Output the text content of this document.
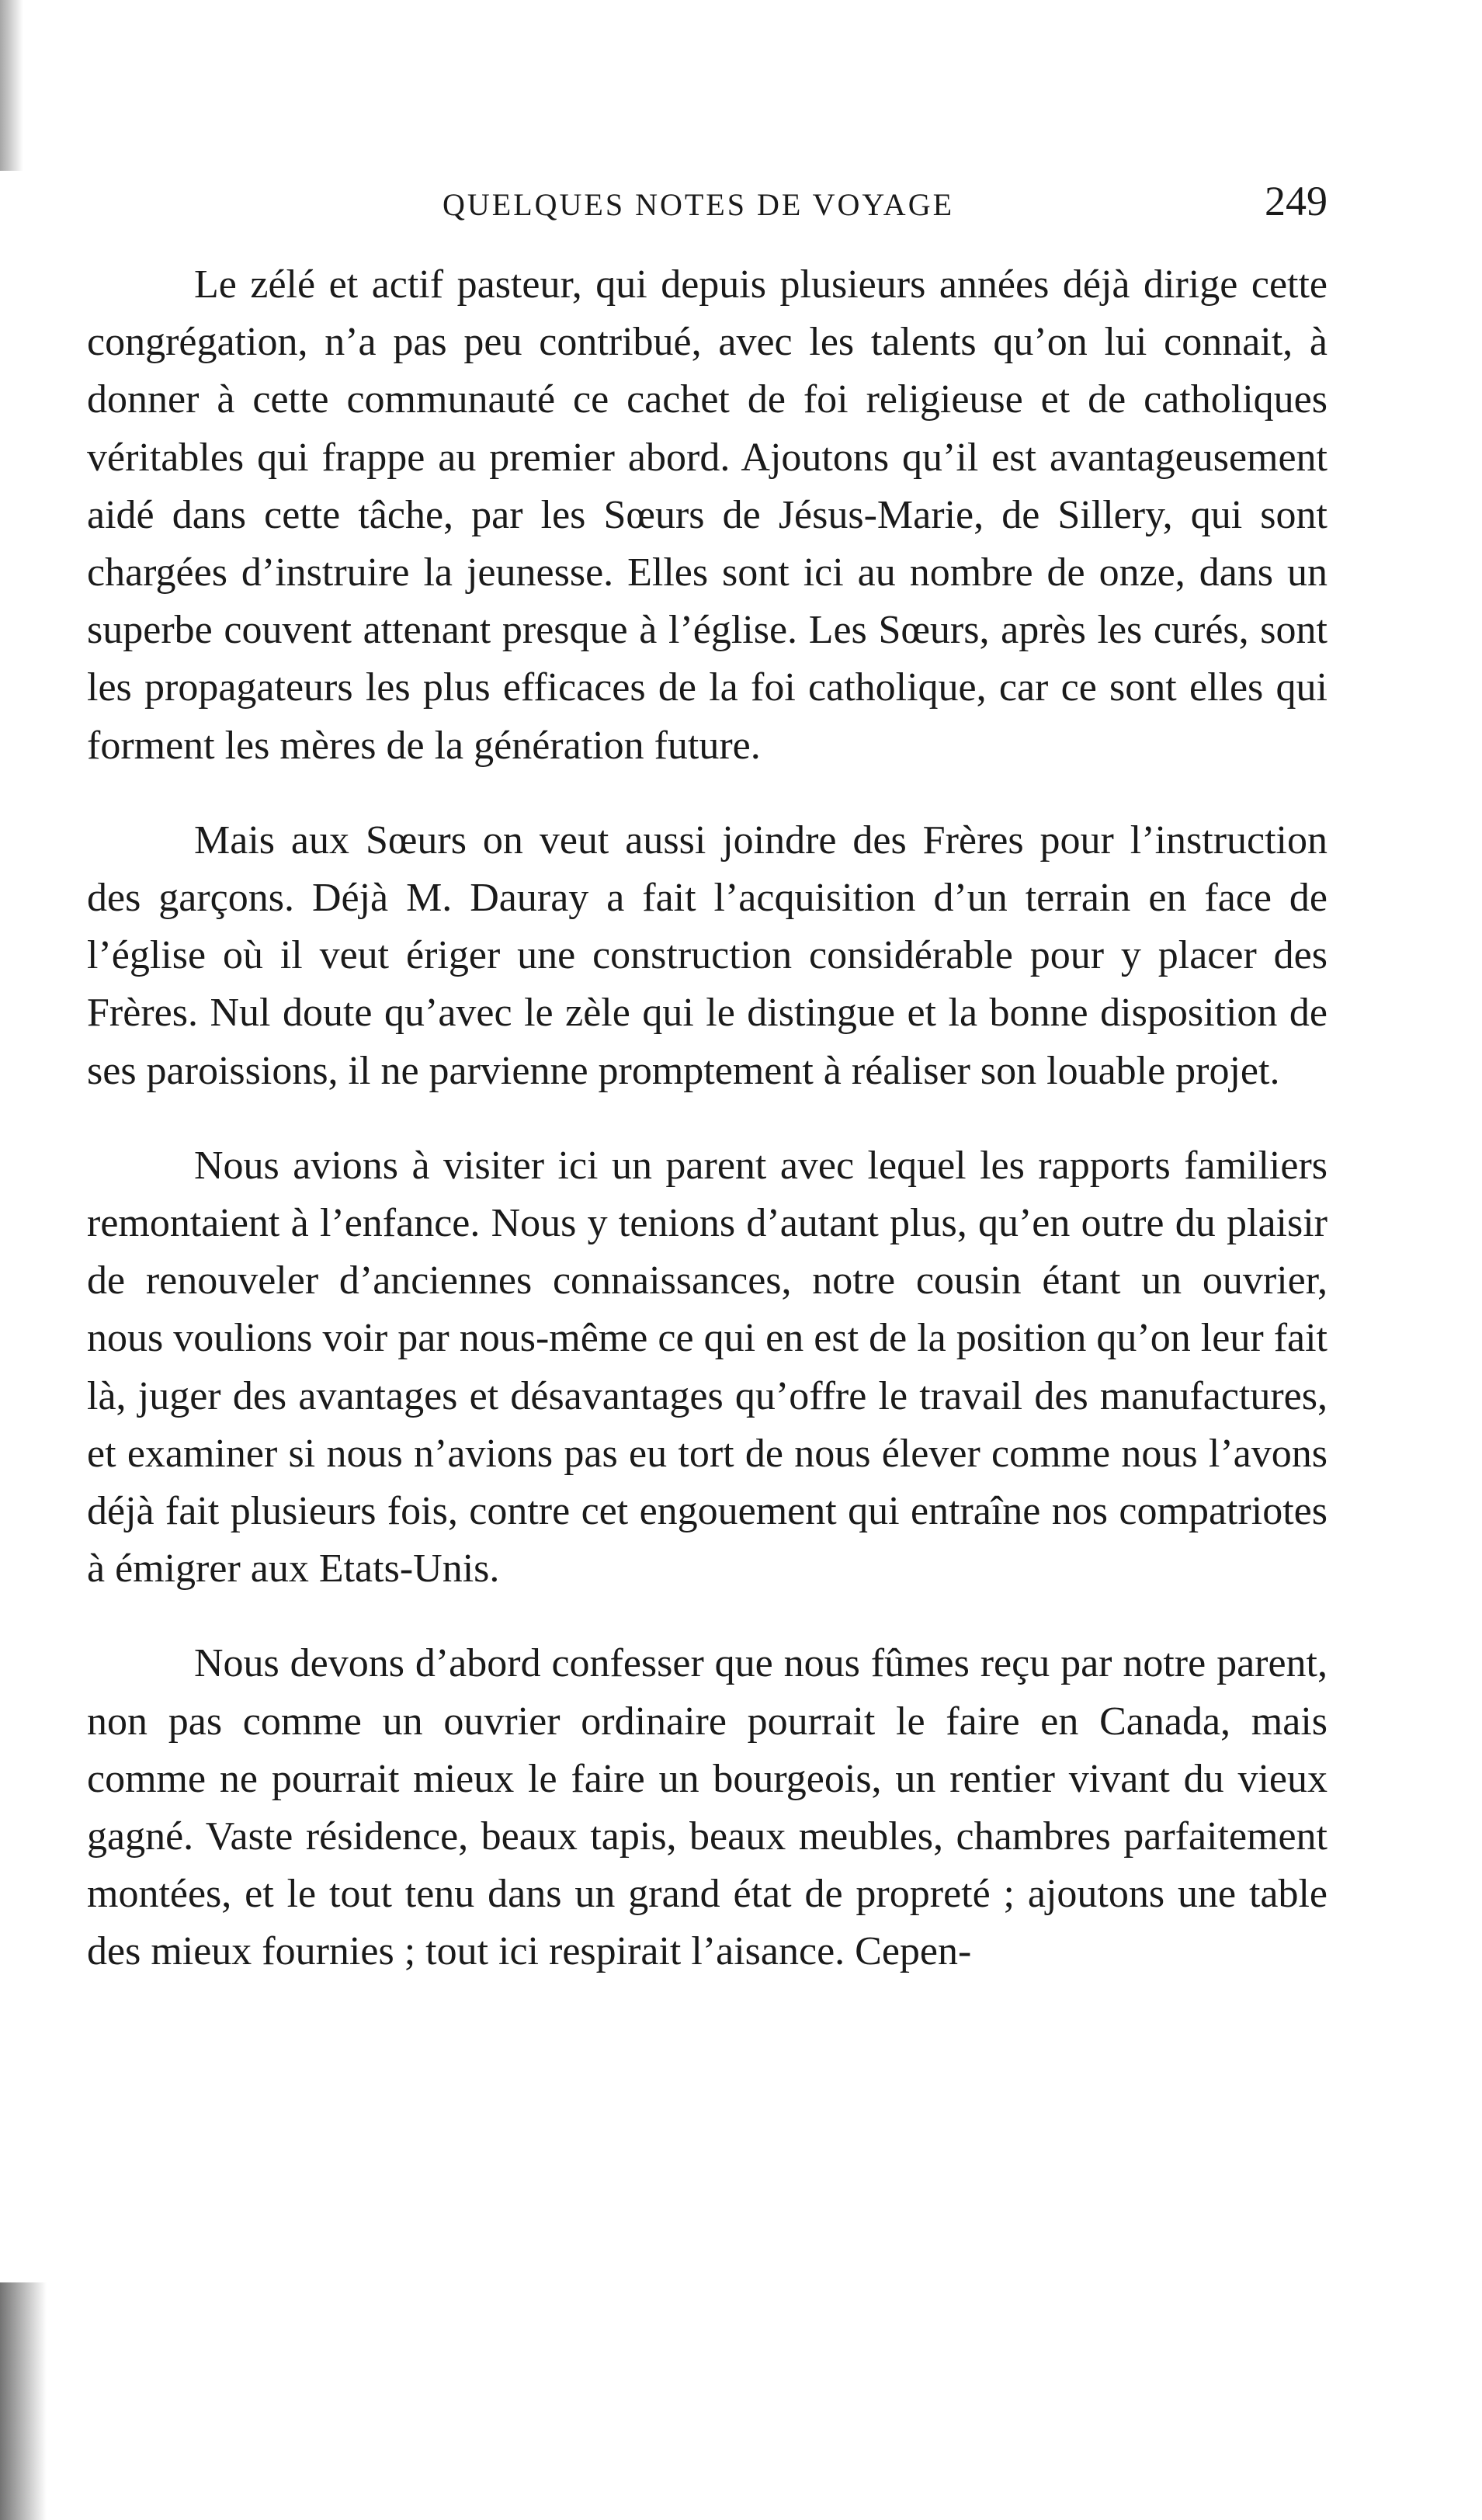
QUELQUES NOTES DE VOYAGE	249

Le zélé et actif pasteur, qui depuis plusieurs années déjà dirige cette congrégation, n’a pas peu contribué, avec les talents qu’on lui connait, à donner à cette communauté ce cachet de foi religieuse et de catholiques véritables qui frappe au premier abord. Ajoutons qu’il est avantageusement aidé dans cette tâche, par les Sœurs de Jésus-Marie, de Sillery, qui sont chargées d’instruire la jeunesse. Elles sont ici au nombre de onze, dans un superbe couvent attenant presque à l’église. Les Sœurs, après les curés, sont les propagateurs les plus efficaces de la foi catholique, car ce sont elles qui forment les mères de la génération future.

Mais aux Sœurs on veut aussi joindre des Frères pour l’instruction des garçons. Déjà M. Dauray a fait l’acquisition d’un terrain en face de l’église où il veut ériger une construction considérable pour y placer des Frères. Nul doute qu’avec le zèle qui le distingue et la bonne disposition de ses paroissions, il ne parvienne promptement à réaliser son louable projet.

Nous avions à visiter ici un parent avec lequel les rapports familiers remontaient à l’enfance. Nous y tenions d’autant plus, qu’en outre du plaisir de renouveler d’anciennes connaissances, notre cousin étant un ouvrier, nous voulions voir par nous-même ce qui en est de la position qu’on leur fait là, juger des avantages et désavantages qu’offre le travail des manufactures, et examiner si nous n’avions pas eu tort de nous élever comme nous l’avons déjà fait plusieurs fois, contre cet engouement qui entraîne nos compatriotes à émigrer aux Etats-Unis.

Nous devons d’abord confesser que nous fûmes reçu par notre parent, non pas comme un ouvrier ordinaire pourrait le faire en Canada, mais comme ne pourrait mieux le faire un bourgeois, un rentier vivant du vieux gagné. Vaste résidence, beaux tapis, beaux meubles, chambres parfaitement montées, et le tout tenu dans un grand état de propreté ; ajoutons une table des mieux fournies ; tout ici respirait l’aisance. Cepen-
